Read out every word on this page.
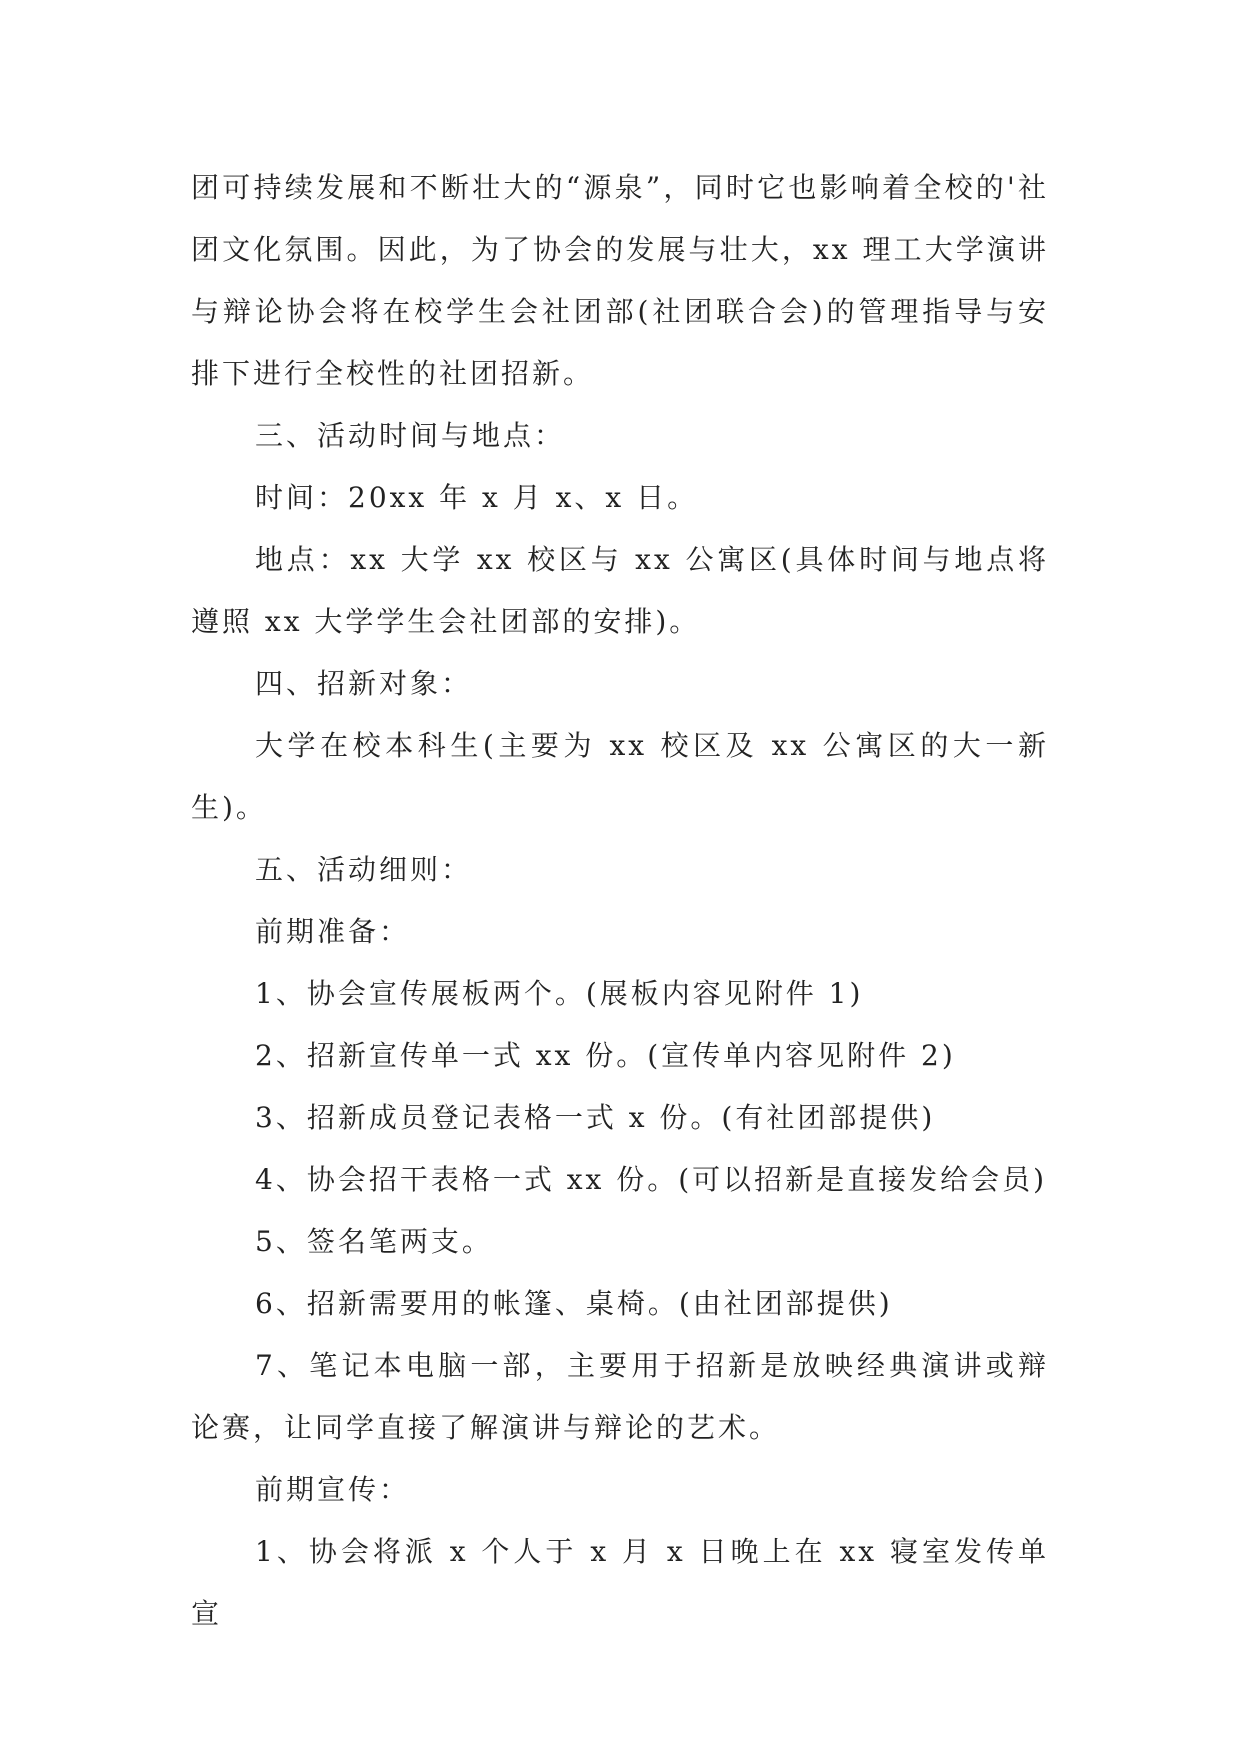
团可持续发展和不断壮大的“源泉”，同时它也影响着全校的'社团文化氛围。因此，为了协会的发展与壮大，xx 理工大学演讲与辩论协会将在校学生会社团部(社团联合会)的管理指导与安排下进行全校性的社团招新。

三、活动时间与地点：

时间：20xx 年 x 月 x、x 日。

地点：xx 大学 xx 校区与 xx 公寓区(具体时间与地点将遵照 xx 大学学生会社团部的安排)。

四、招新对象：

大学在校本科生(主要为 xx 校区及 xx 公寓区的大一新生)。

五、活动细则：

前期准备：

1、协会宣传展板两个。(展板内容见附件 1)

2、招新宣传单一式 xx 份。(宣传单内容见附件 2)

3、招新成员登记表格一式 x 份。(有社团部提供)

4、协会招干表格一式 xx 份。(可以招新是直接发给会员)

5、签名笔两支。

6、招新需要用的帐篷、桌椅。(由社团部提供)

7、笔记本电脑一部，主要用于招新是放映经典演讲或辩论赛，让同学直接了解演讲与辩论的艺术。

前期宣传：

1、协会将派 x 个人于 x 月 x 日晚上在 xx 寝室发传单宣
